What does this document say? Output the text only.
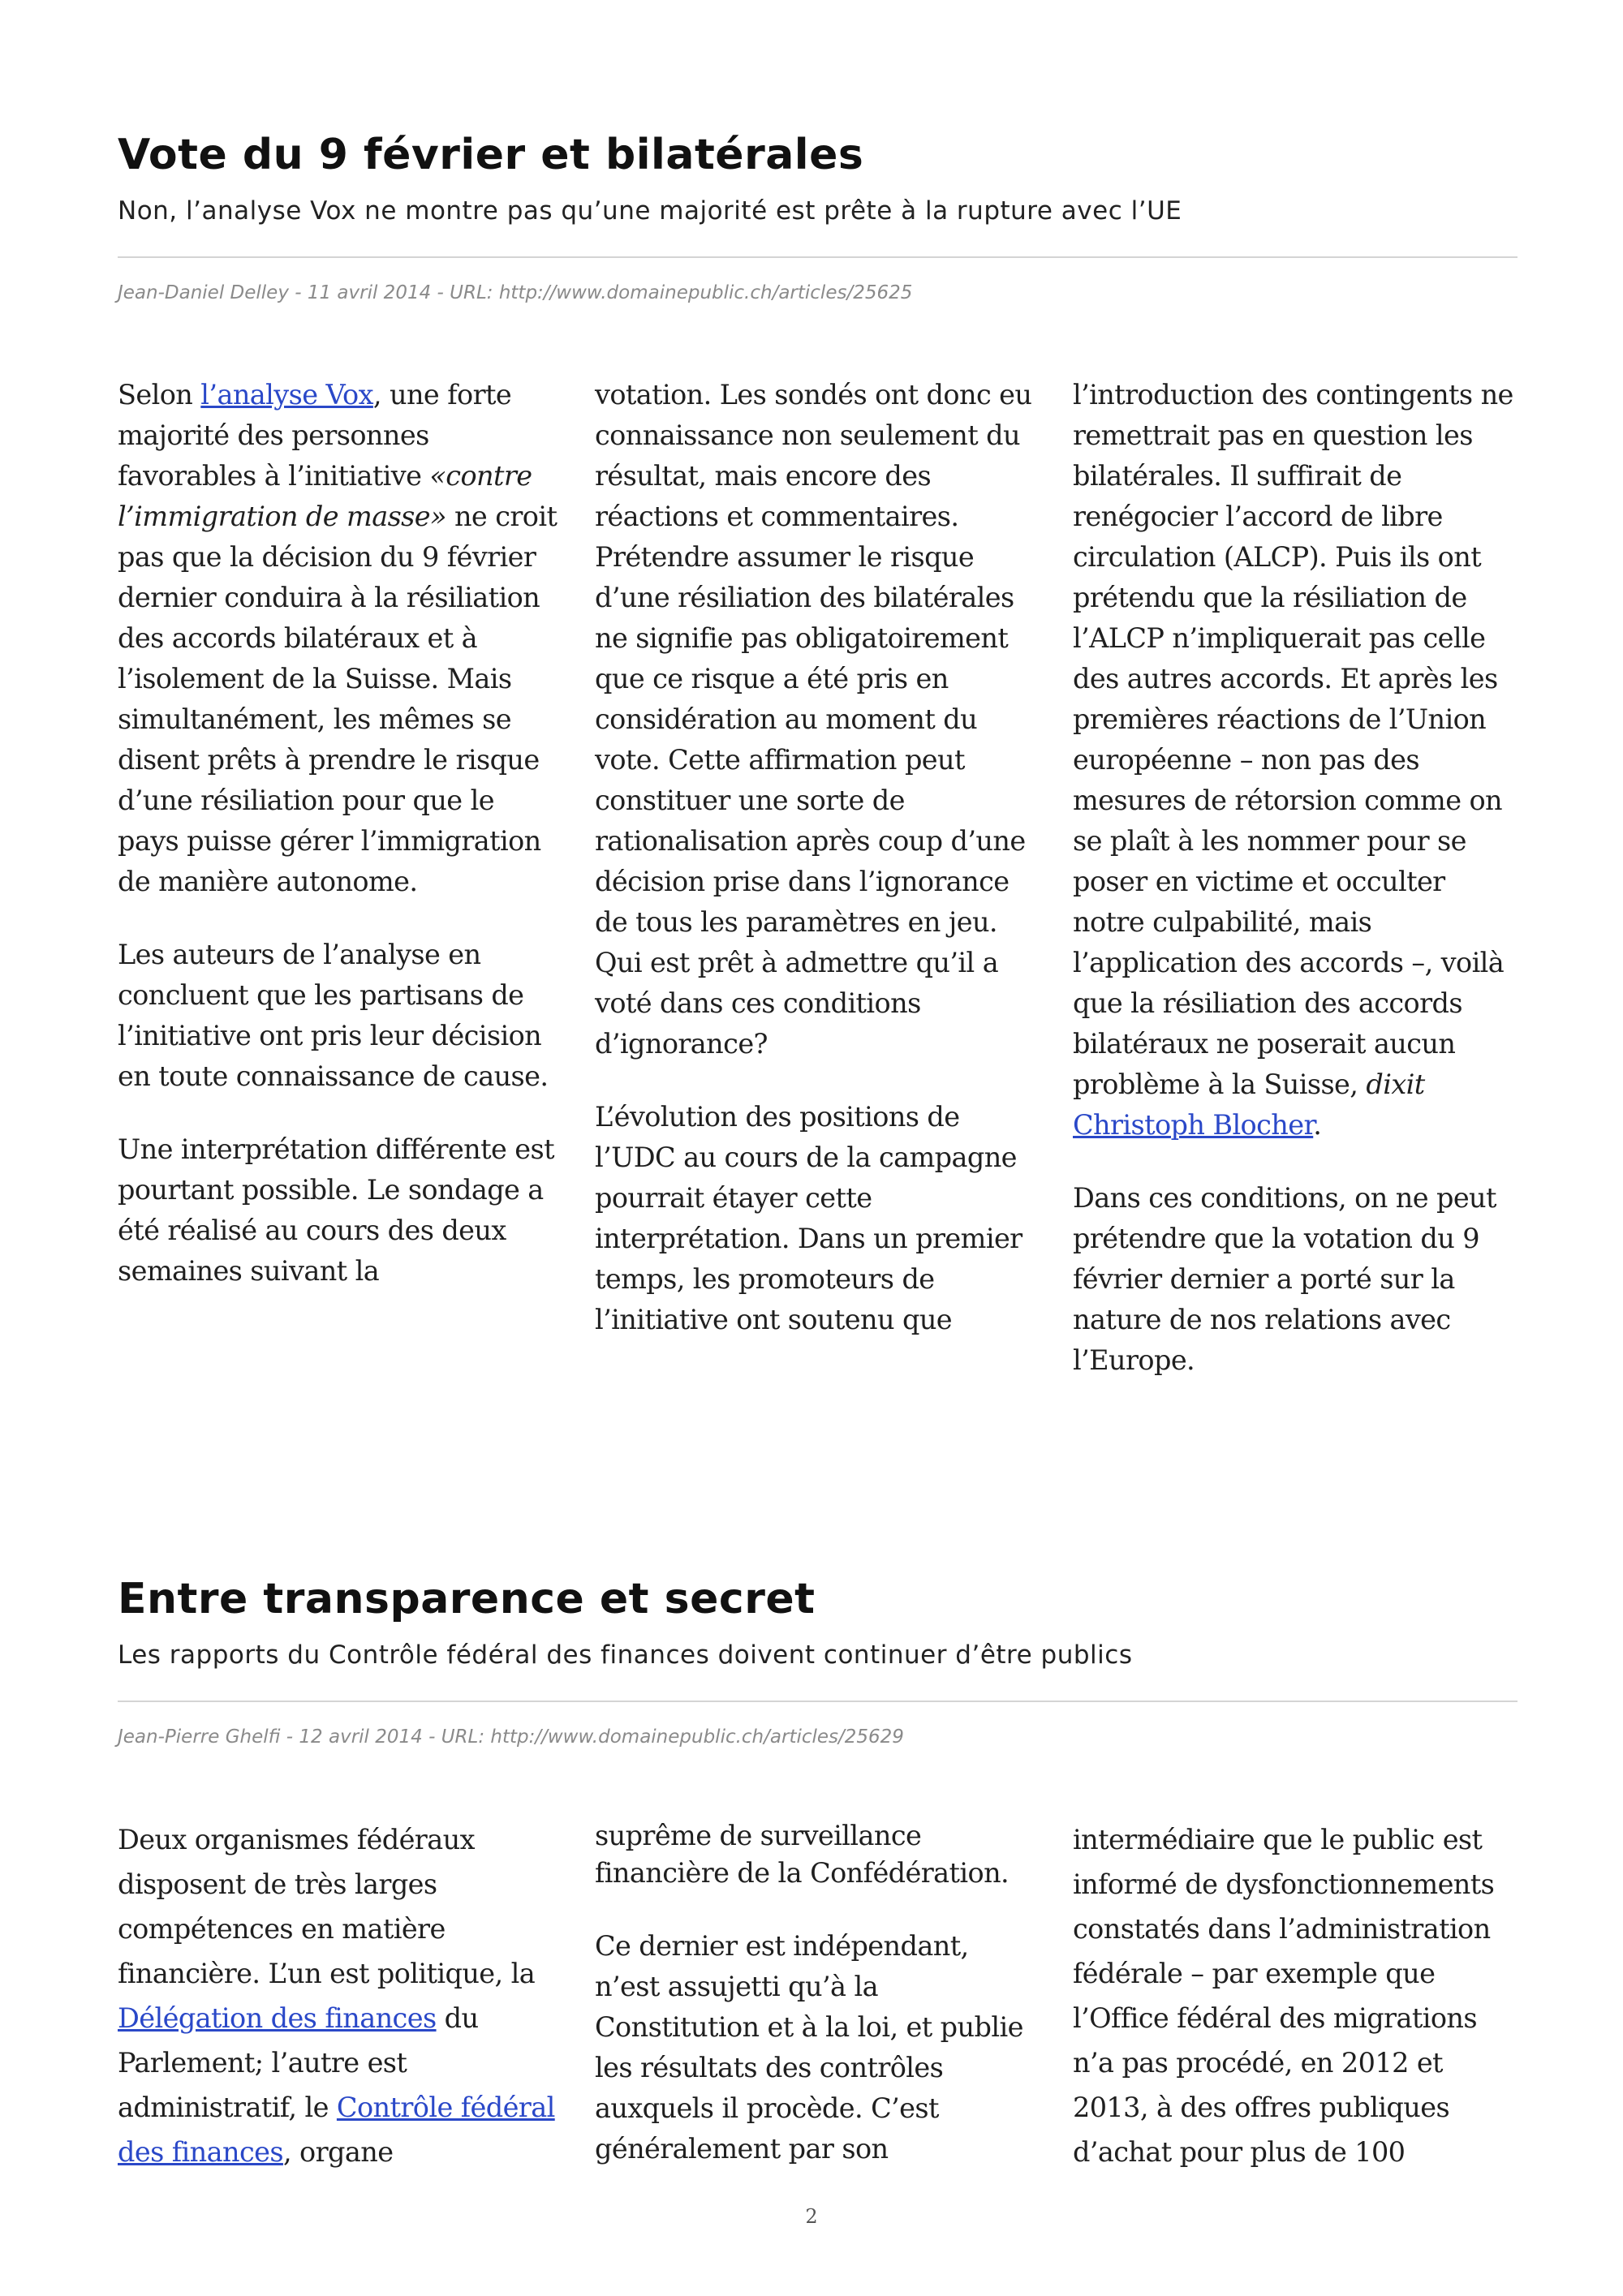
Vote du 9 février et bilatérales
Non, l’analyse Vox ne montre pas qu’une majorité est prête à la rupture avec l’UE
Jean-Daniel Delley - 11 avril 2014 - URL: http://www.domainepublic.ch/articles/25625

Selon l’analyse Vox, une forte majorité des personnes favorables à l’initiative «contre l’immigration de masse» ne croit pas que la décision du 9 février dernier conduira à la résiliation des accords bilatéraux et à l’isolement de la Suisse. Mais simultanément, les mêmes se disent prêts à prendre le risque d’une résiliation pour que le pays puisse gérer l’immigration de manière autonome.

Les auteurs de l’analyse en concluent que les partisans de l’initiative ont pris leur décision en toute connaissance de cause.

Une interprétation différente est pourtant possible. Le sondage a été réalisé au cours des deux semaines suivant la

votation. Les sondés ont donc eu connaissance non seulement du résultat, mais encore des réactions et commentaires. Prétendre assumer le risque d’une résiliation des bilatérales ne signifie pas obligatoirement que ce risque a été pris en considération au moment du vote. Cette affirmation peut constituer une sorte de rationalisation après coup d’une décision prise dans l’ignorance de tous les paramètres en jeu. Qui est prêt à admettre qu’il a voté dans ces conditions d’ignorance?

L’évolution des positions de l’UDC au cours de la campagne pourrait étayer cette interprétation. Dans un premier temps, les promoteurs de l’initiative ont soutenu que

l’introduction des contingents ne remettrait pas en question les bilatérales. Il suffirait de renégocier l’accord de libre circulation (ALCP). Puis ils ont prétendu que la résiliation de l’ALCP n’impliquerait pas celle des autres accords. Et après les premières réactions de l’Union européenne – non pas des mesures de rétorsion comme on se plaît à les nommer pour se poser en victime et occulter notre culpabilité, mais l’application des accords –, voilà que la résiliation des accords bilatéraux ne poserait aucun problème à la Suisse, dixit Christoph Blocher.

Dans ces conditions, on ne peut prétendre que la votation du 9 février dernier a porté sur la nature de nos relations avec l’Europe.

Entre transparence et secret
Les rapports du Contrôle fédéral des finances doivent continuer d’être publics
Jean-Pierre Ghelfi - 12 avril 2014 - URL: http://www.domainepublic.ch/articles/25629

Deux organismes fédéraux disposent de très larges compétences en matière financière. L’un est politique, la Délégation des finances du Parlement; l’autre est administratif, le Contrôle fédéral des finances, organe

suprême de surveillance financière de la Confédération.

Ce dernier est indépendant, n’est assujetti qu’à la Constitution et à la loi, et publie les résultats des contrôles auxquels il procède. C’est généralement par son

intermédiaire que le public est informé de dysfonctionnements constatés dans l’administration fédérale – par exemple que l’Office fédéral des migrations n’a pas procédé, en 2012 et 2013, à des offres publiques d’achat pour plus de 100

2
